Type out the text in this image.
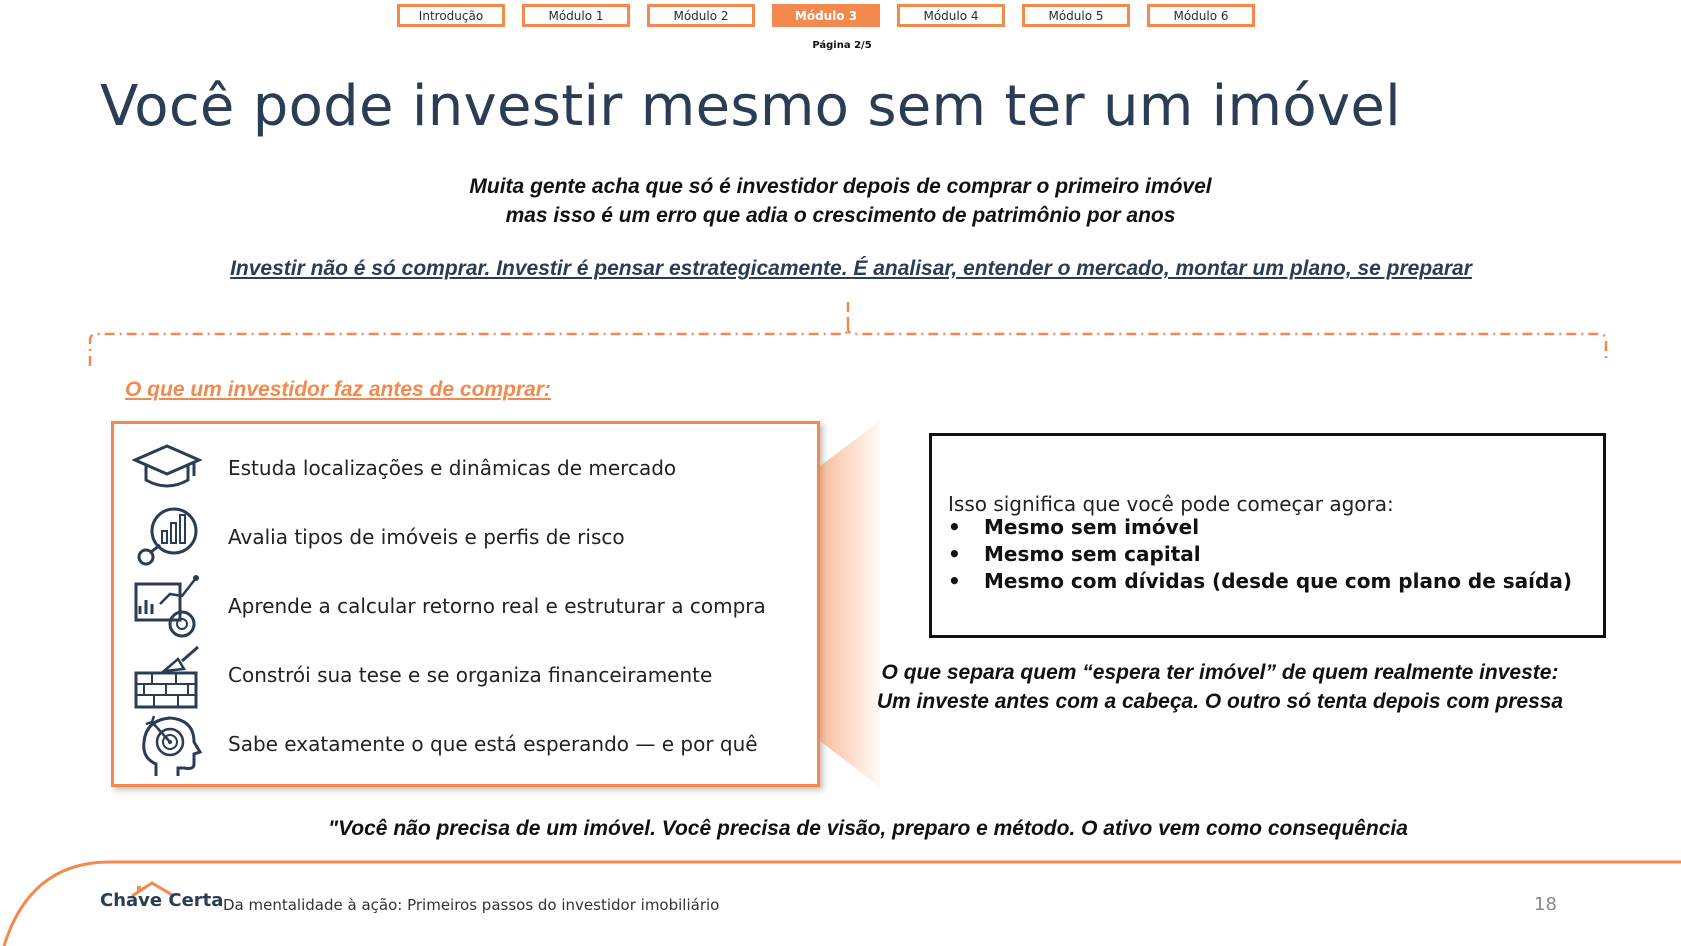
Introdução	Módulo 1	Módulo 2	Módulo 3	Módulo 4	Módulo 5	Módulo 6
Página 2/5
Você pode investir mesmo sem ter um imóvel
Muita gente acha que só é investidor depois de comprar o primeiro imóvel
mas isso é um erro que adia o crescimento de patrimônio por anos
Investir não é só comprar. Investir é pensar estrategicamente. É analisar, entender o mercado, montar um plano, se preparar
O que um investidor faz antes de comprar:
Estuda localizações e dinâmicas de mercado
Avalia tipos de imóveis e perfis de risco
Aprende a calcular retorno real e estruturar a compra
Constrói sua tese e se organiza financeiramente
Sabe exatamente o que está esperando — e por quê
Isso significa que você pode começar agora:
• Mesmo sem imóvel
• Mesmo sem capital
• Mesmo com dívidas (desde que com plano de saída)
O que separa quem “espera ter imóvel” de quem realmente investe:
Um investe antes com a cabeça. O outro só tenta depois com pressa
"Você não precisa de um imóvel. Você precisa de visão, preparo e método. O ativo vem como consequência
Chave Certa Da mentalidade à ação: Primeiros passos do investidor imobiliário	18
